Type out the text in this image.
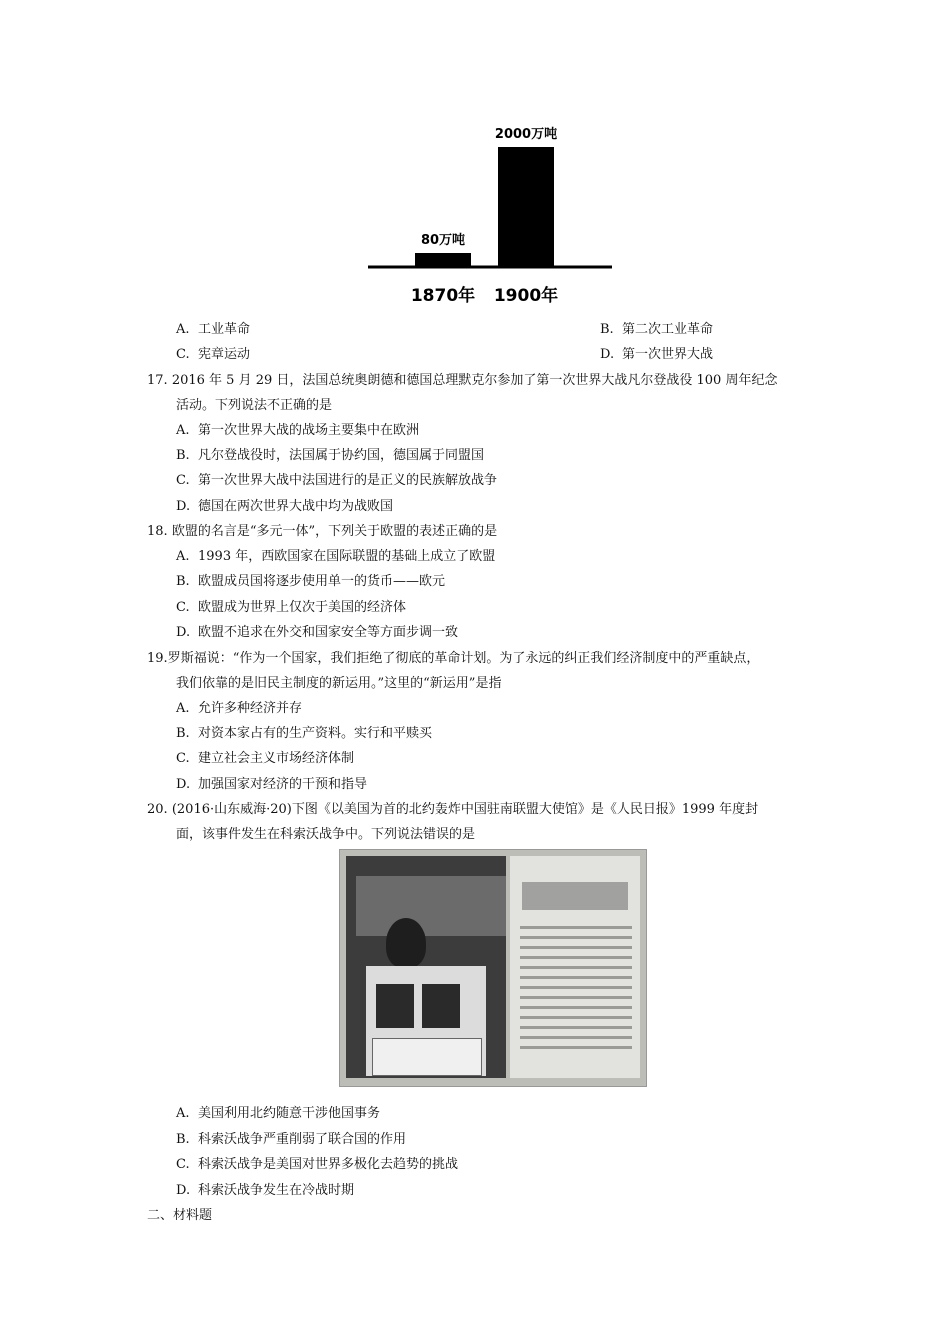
80万吨
1870年
2000万吨
1900年
A. 工业革命	B. 第二次工业革命
C. 宪章运动	D. 第一次世界大战
17. 2016 年 5 月 29 日，法国总统奥朗德和德国总理默克尔参加了第一次世界大战凡尔登战役 100 周年纪念
活动。下列说法不正确的是
A. 第一次世界大战的战场主要集中在欧洲
B. 凡尔登战役时，法国属于协约国，德国属于同盟国
C. 第一次世界大战中法国进行的是正义的民族解放战争
D. 德国在两次世界大战中均为战败国
18. 欧盟的名言是“多元一体”，下列关于欧盟的表述正确的是
A. 1993 年，西欧国家在国际联盟的基础上成立了欧盟
B. 欧盟成员国将逐步使用单一的货币——欧元
C. 欧盟成为世界上仅次于美国的经济体
D. 欧盟不追求在外交和国家安全等方面步调一致
19.罗斯福说：“作为一个国家，我们拒绝了彻底的革命计划。为了永远的纠正我们经济制度中的严重缺点，
我们依靠的是旧民主制度的新运用。”这里的“新运用”是指
A. 允许多种经济并存
B. 对资本家占有的生产资料。实行和平赎买
C. 建立社会主义市场经济体制
D. 加强国家对经济的干预和指导
20. (2016·山东威海·20)下图《以美国为首的北约轰炸中国驻南联盟大使馆》是《人民日报》1999 年度封
面，该事件发生在科索沃战争中。下列说法错误的是
A. 美国利用北约随意干涉他国事务
B. 科索沃战争严重削弱了联合国的作用
C. 科索沃战争是美国对世界多极化去趋势的挑战
D. 科索沃战争发生在冷战时期
二、材料题
